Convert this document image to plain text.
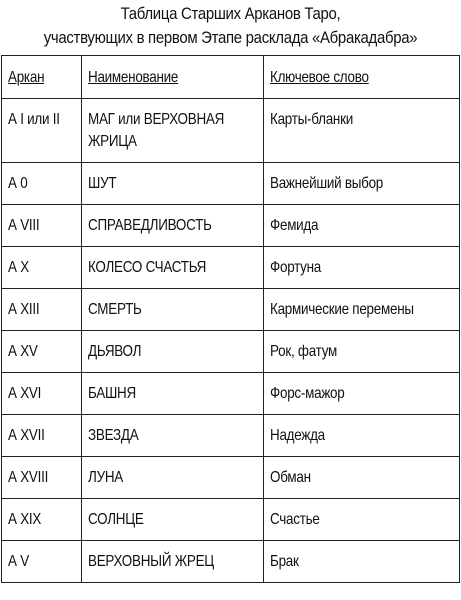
Таблица Старших Арканов Таро,
участвующих в первом Этапе расклада «Абракадабра»
Аркан	Наименование	Ключевое слово
А I или II	МАГ или ВЕРХОВНАЯ ЖРИЦА	Карты-бланки
А 0	ШУТ	Важнейший выбор
А VIII	СПРАВЕДЛИВОСТЬ	Фемида
А X	КОЛЕСО СЧАСТЬЯ	Фортуна
А XIII	СМЕРТЬ	Кармические перемены
А XV	ДЬЯВОЛ	Рок, фатум
А XVI	БАШНЯ	Форс-мажор
А XVII	ЗВЕЗДА	Надежда
А XVIII	ЛУНА	Обман
А XIX	СОЛНЦЕ	Счастье
А V	ВЕРХОВНЫЙ ЖРЕЦ	Брак
